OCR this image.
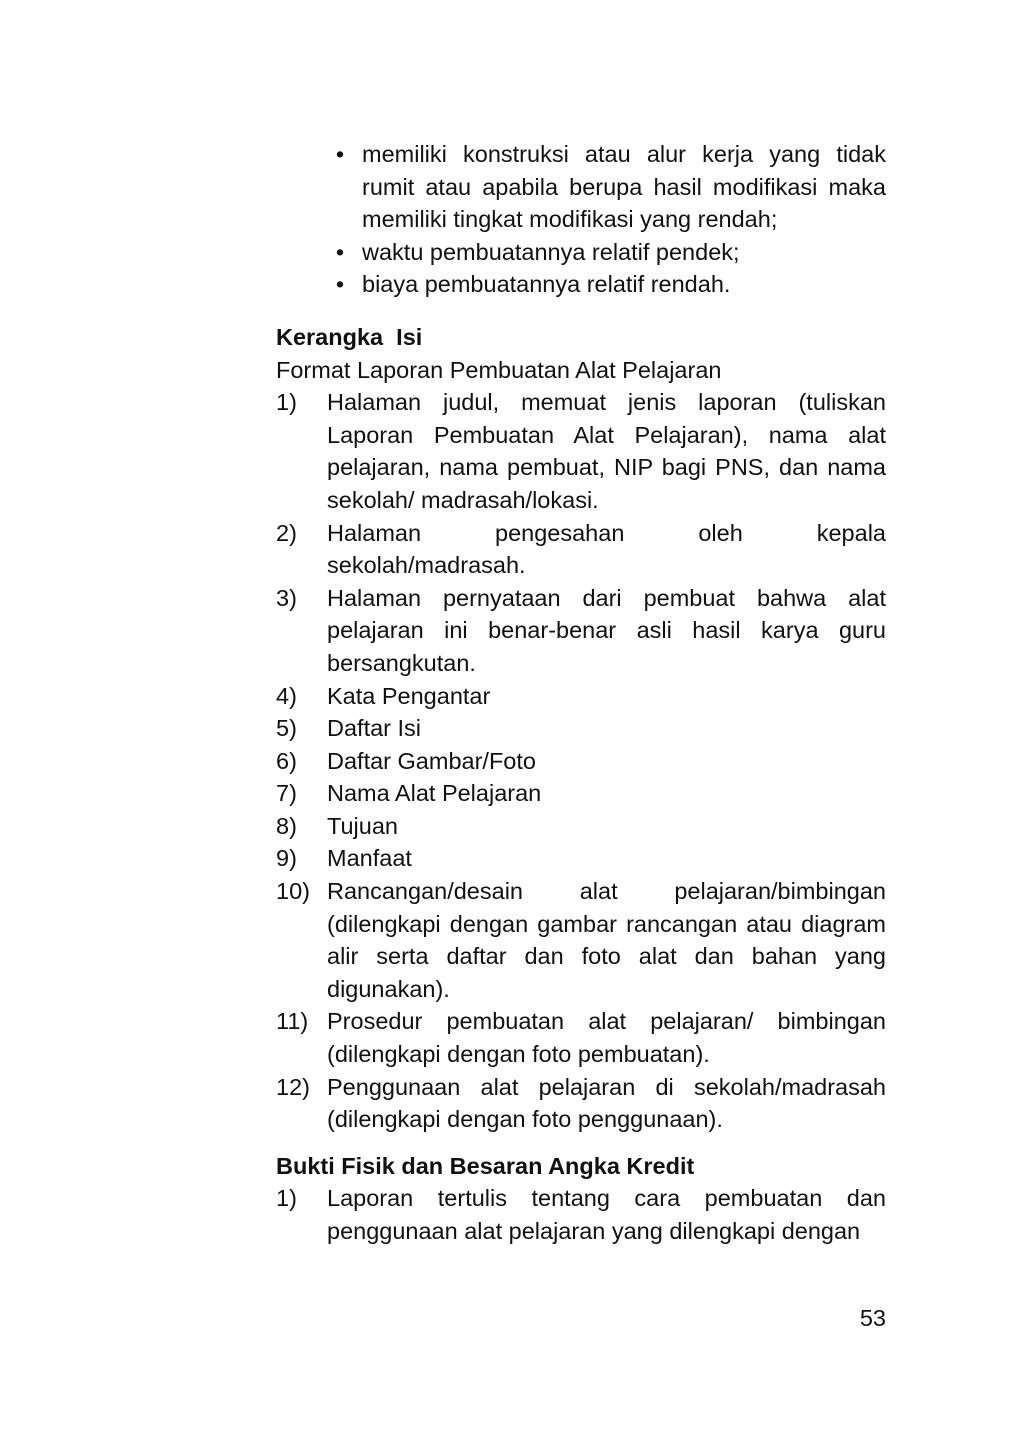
• memiliki konstruksi atau alur kerja yang tidak rumit atau apabila berupa hasil modifikasi maka memiliki tingkat modifikasi yang rendah;
• waktu pembuatannya relatif pendek;
• biaya pembuatannya relatif rendah.

Kerangka  Isi

Format Laporan Pembuatan Alat Pelajaran

1) Halaman judul, memuat jenis laporan (tuliskan Laporan Pembuatan Alat Pelajaran), nama alat pelajaran, nama pembuat, NIP bagi PNS, dan nama sekolah/ madrasah/lokasi.
2) Halaman pengesahan oleh kepala sekolah/madrasah.
3) Halaman pernyataan dari pembuat bahwa alat pelajaran ini benar-benar asli hasil karya guru bersangkutan.
4) Kata Pengantar
5) Daftar Isi
6) Daftar Gambar/Foto
7) Nama Alat Pelajaran
8) Tujuan
9) Manfaat
10) Rancangan/desain alat pelajaran/bimbingan (dilengkapi dengan gambar rancangan atau diagram alir serta daftar dan foto alat dan bahan yang digunakan).
11) Prosedur pembuatan alat pelajaran/ bimbingan (dilengkapi dengan foto pembuatan).
12) Penggunaan alat pelajaran di sekolah/madrasah (dilengkapi dengan foto penggunaan).

Bukti Fisik dan Besaran Angka Kredit

1) Laporan tertulis tentang cara pembuatan dan penggunaan alat pelajaran yang dilengkapi dengan
53
